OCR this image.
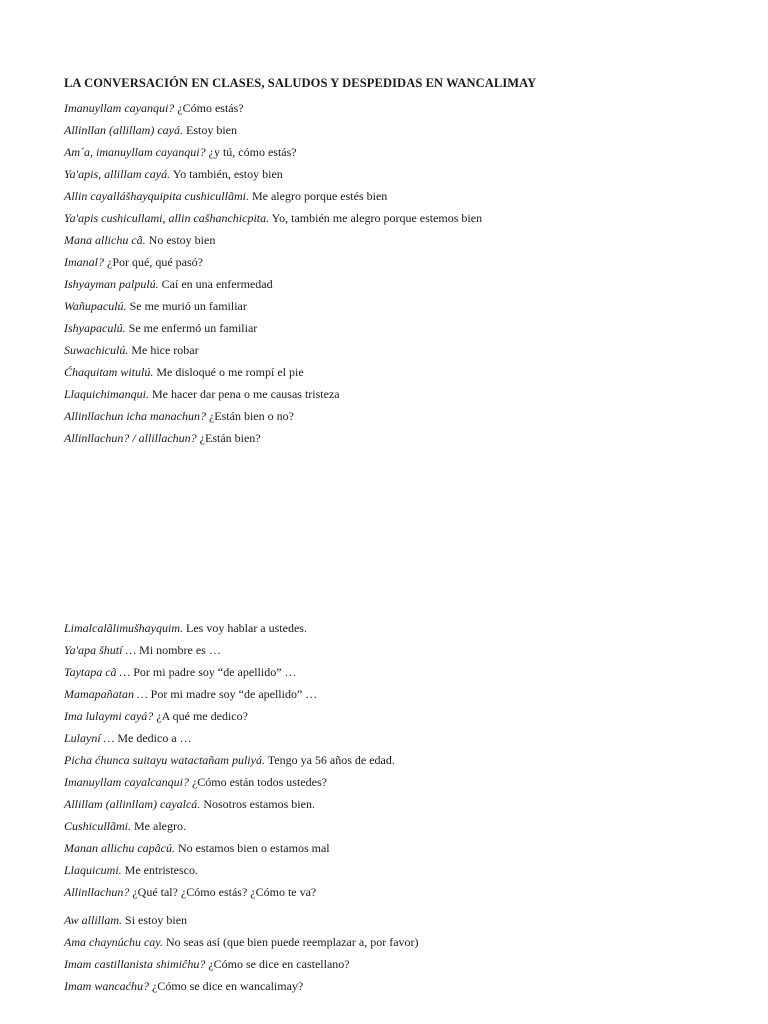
LA CONVERSACIÓN EN CLASES, SALUDOS Y DESPEDIDAS EN WANCALIMAY
Imanuyllam cayanqui? ¿Cómo estás?
Allinllan (allillam) cayá. Estoy bien
Am´a, imanuyllam cayanqui? ¿y tú, cómo estás?
Ya'apis, allillam cayá. Yo también, estoy bien
Allin cayallášhayquipita cushicullãmi. Me alegro porque estés bien
Ya'apis cushicullami, allin cašhanchicpita. Yo, también me alegro porque estemos bien
Mana allichu cã. No estoy bien
Imanal? ¿Por qué, qué pasó?
Ishyayman palpulú. Caí en una enfermedad
Wañupaculú. Se me murió un familiar
Ishyapaculú. Se me enfermó un familiar
Suwachiculú. Me hice robar
Ćhaquitam witulú. Me disloqué o me rompí el pie
Llaquichimanqui. Me hacer dar pena o me causas tristeza
Allinllachun icha manachun? ¿Están bien o no?
Allinllachun? / allillachun? ¿Están bien?
Limalcalãlimušhayquim. Les voy hablar a ustedes.
Ya'apa šhutí … Mi nombre es …
Taytapa cã … Por mi padre soy “de apellido” …
Mamapañatan … Por mi madre soy “de apellido” …
Ima lulaymi cayá? ¿A qué me dedico?
Lulayní … Me dedico a …
Picha ćhunca suitayu watactañam puliyá. Tengo ya 56 años de edad.
Imanuyllam cayalcanqui? ¿Cómo están todos ustedes?
Allillam (allinllam) cayalcá. Nosotros estamos bien.
Cushicullãmi. Me alegro.
Manan allichu capãcú. No estamos bien o estamos mal
Llaquicumi. Me entristesco.
Allinllachun? ¿Qué tal? ¿Cómo estás? ¿Cómo te va?
Aw allillam. Si estoy bien
Ama chaynúchu cay. No seas así (que bien puede reemplazar a, por favor)
Imam castillanista shimiĉhu? ¿Cómo se dice en castellano?
Imam wancaćhu? ¿Cómo se dice en wancalimay?
